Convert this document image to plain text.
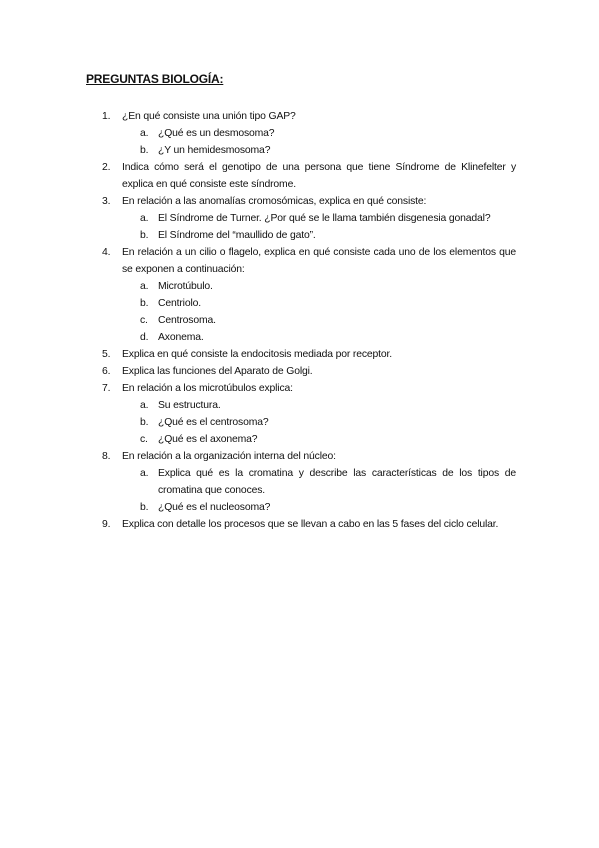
PREGUNTAS BIOLOGÍA:
1.	¿En qué consiste una unión tipo GAP?
a. ¿Qué es un desmosoma?
b. ¿Y un hemidesmosoma?
2.	Indica cómo será el genotipo de una persona que tiene Síndrome de Klinefelter y explica en qué consiste este síndrome.
3.	En relación a las anomalías cromosómicas, explica en qué consiste:
a. El Síndrome de Turner. ¿Por qué se le llama también disgenesia gonadal?
b. El Síndrome del “maullido de gato”.
4.	En relación a un cilio o flagelo, explica en qué consiste cada uno de los elementos que se exponen a continuación:
a. Microtúbulo.
b. Centriolo.
c. Centrosoma.
d. Axonema.
5.	Explica en qué consiste la endocitosis mediada por receptor.
6.	Explica las funciones del Aparato de Golgi.
7.	En relación a los microtúbulos explica:
a. Su estructura.
b. ¿Qué es el centrosoma?
c. ¿Qué es el axonema?
8.	En relación a la organización interna del núcleo:
a. Explica qué es la cromatina y describe las características de los tipos de cromatina que conoces.
b. ¿Qué es el nucleosoma?
9.	Explica con detalle los procesos que se llevan a cabo en las 5 fases del ciclo celular.
